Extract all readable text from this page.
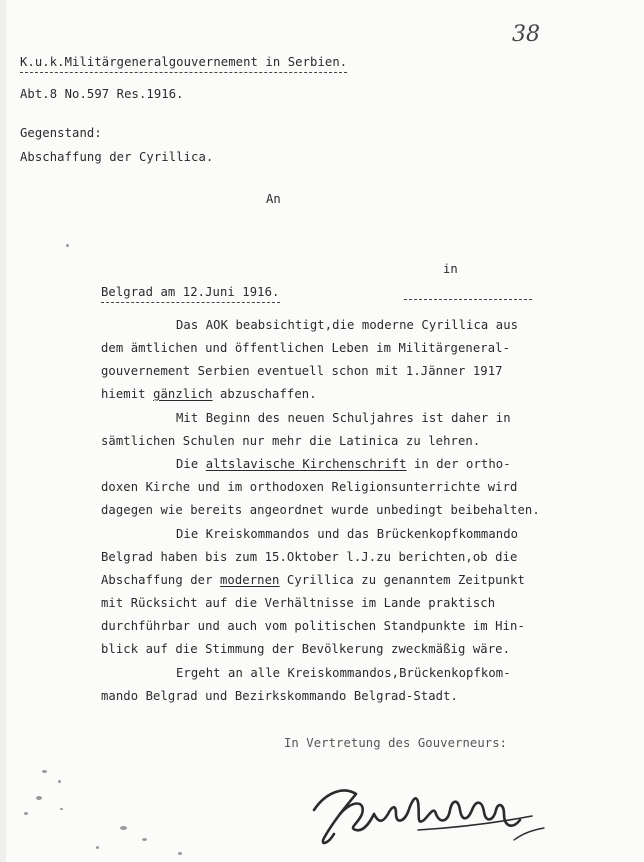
38
K.u.k.Militärgeneralgouvernement in Serbien.
Abt.8 No.597 Res.1916.
Gegenstand:
Abschaffung der Cyrillica.
An
in
Belgrad am 12.Juni 1916.
Das AOK beabsichtigt,die moderne Cyrillica aus
dem ämtlichen und öffentlichen Leben im Militärgeneral-
gouvernement Serbien eventuell schon mit 1.Jänner 1917
hiemit gänzlich abzuschaffen.
Mit Beginn des neuen Schuljahres ist daher in
sämtlichen Schulen nur mehr die Latinica zu lehren.
Die altslavische Kirchenschrift in der ortho-
doxen Kirche und im orthodoxen Religionsunterrichte wird
dagegen wie bereits angeordnet wurde unbedingt beibehalten.
Die Kreiskommandos und das Brückenkopfkommando
Belgrad haben bis zum 15.Oktober l.J.zu berichten,ob die
Abschaffung der modernen Cyrillica zu genanntem Zeitpunkt
mit Rücksicht auf die Verhältnisse im Lande praktisch
durchführbar und auch vom politischen Standpunkte im Hin-
blick auf die Stimmung der Bevölkerung zweckmäßig wäre.
Ergeht an alle Kreiskommandos,Brückenkopfkom-
mando Belgrad und Bezirkskommando Belgrad-Stadt.
In Vertretung des Gouverneurs:
